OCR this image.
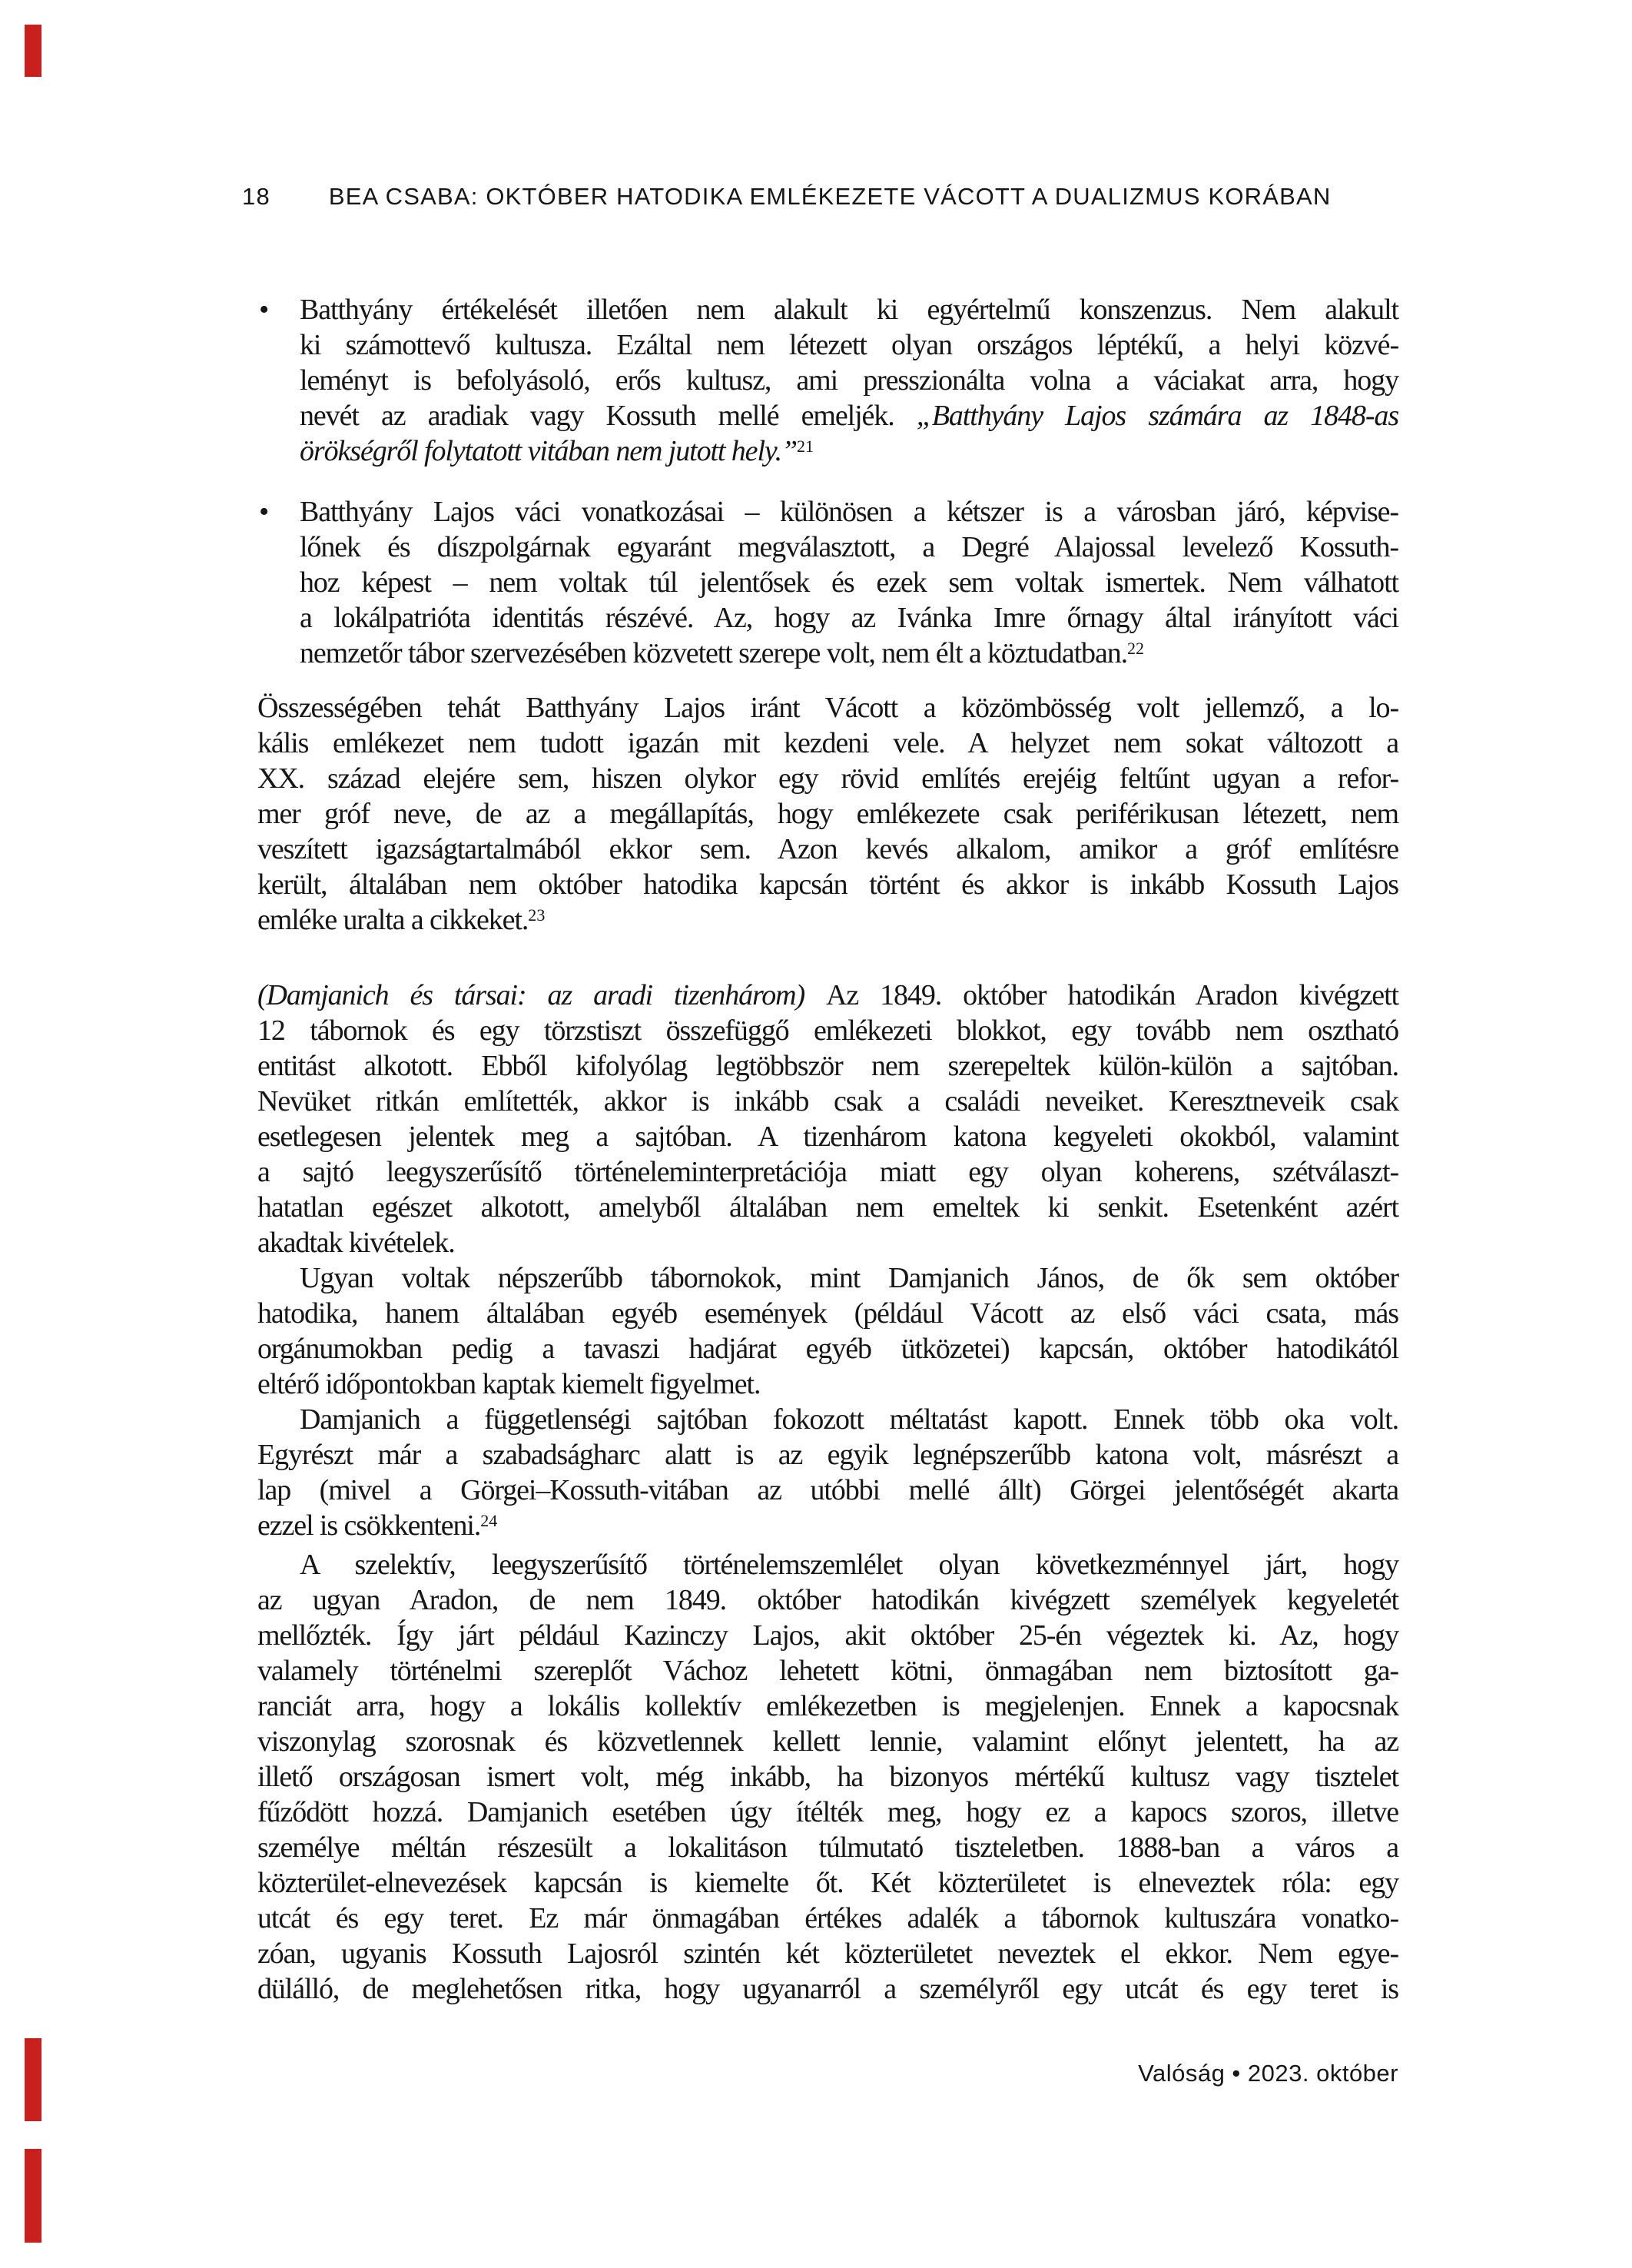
18 BEA CSABA: OKTÓBER HATODIKA EMLÉKEZETE VÁCOTT A DUALIZMUS KORÁBAN
• Batthyány értékelését illetően nem alakult ki egyértelmű konszenzus. Nem alakult
ki számottevő kultusza. Ezáltal nem létezett olyan országos léptékű, a helyi közvé-
leményt is befolyásoló, erős kultusz, ami presszionálta volna a váciakat arra, hogy
nevét az aradiak vagy Kossuth mellé emeljék. „Batthyány Lajos számára az 1848-as
örökségről folytatott vitában nem jutott hely.”$^{21}$
• Batthyány Lajos váci vonatkozásai – különösen a kétszer is a városban járó, képvise-
lőnek és díszpolgárnak egyaránt megválasztott, a Degré Alajossal levelező Kossuth-
hoz képest – nem voltak túl jelentősek és ezek sem voltak ismertek. Nem válhatott
a lokálpatrióta identitás részévé. Az, hogy az Ivánka Imre őrnagy által irányított váci
nemzetőr tábor szervezésében közvetett szerepe volt, nem élt a köztudatban.$^{22}$
Összességében tehát Batthyány Lajos iránt Vácott a közömbösség volt jellemző, a lo-
kális emlékezet nem tudott igazán mit kezdeni vele. A helyzet nem sokat változott a
XX. század elejére sem, hiszen olykor egy rövid említés erejéig feltűnt ugyan a refor-
mer gróf neve, de az a megállapítás, hogy emlékezete csak periférikusan létezett, nem
veszített igazságtartalmából ekkor sem. Azon kevés alkalom, amikor a gróf említésre
került, általában nem október hatodika kapcsán történt és akkor is inkább Kossuth Lajos
emléke uralta a cikkeket.$^{23}$
(Damjanich és társai: az aradi tizenhárom) Az 1849. október hatodikán Aradon kivégzett
12 tábornok és egy törzstiszt összefüggő emlékezeti blokkot, egy tovább nem osztható
entitást alkotott. Ebből kifolyólag legtöbbször nem szerepeltek külön-külön a sajtóban.
Nevüket ritkán említették, akkor is inkább csak a családi neveiket. Keresztneveik csak
esetlegesen jelentek meg a sajtóban. A tizenhárom katona kegyeleti okokból, valamint
a sajtó leegyszerűsítő történeleminterpretációja miatt egy olyan koherens, szétválaszt-
hatatlan egészet alkotott, amelyből általában nem emeltek ki senkit. Esetenként azért
akadtak kivételek.
Ugyan voltak népszerűbb tábornokok, mint Damjanich János, de ők sem október
hatodika, hanem általában egyéb események (például Vácott az első váci csata, más
orgánumokban pedig a tavaszi hadjárat egyéb ütközetei) kapcsán, október hatodikától
eltérő időpontokban kaptak kiemelt figyelmet.
Damjanich a függetlenségi sajtóban fokozott méltatást kapott. Ennek több oka volt.
Egyrészt már a szabadságharc alatt is az egyik legnépszerűbb katona volt, másrészt a
lap (mivel a Görgei–Kossuth-vitában az utóbbi mellé állt) Görgei jelentőségét akarta
ezzel is csökkenteni.$^{24}$
A szelektív, leegyszerűsítő történelemszemlélet olyan következménnyel járt, hogy
az ugyan Aradon, de nem 1849. október hatodikán kivégzett személyek kegyeletét
mellőzték. Így járt például Kazinczy Lajos, akit október 25-én végeztek ki. Az, hogy
valamely történelmi szereplőt Váchoz lehetett kötni, önmagában nem biztosított ga-
ranciát arra, hogy a lokális kollektív emlékezetben is megjelenjen. Ennek a kapocsnak
viszonylag szorosnak és közvetlennek kellett lennie, valamint előnyt jelentett, ha az
illető országosan ismert volt, még inkább, ha bizonyos mértékű kultusz vagy tisztelet
fűződött hozzá. Damjanich esetében úgy ítélték meg, hogy ez a kapocs szoros, illetve
személye méltán részesült a lokalitáson túlmutató tiszteletben. 1888-ban a város a
közterület-elnevezések kapcsán is kiemelte őt. Két közterületet is elneveztek róla: egy
utcát és egy teret. Ez már önmagában értékes adalék a tábornok kultuszára vonatko-
zóan, ugyanis Kossuth Lajosról szintén két közterületet neveztek el ekkor. Nem egye-
dülálló, de meglehetősen ritka, hogy ugyanarról a személyről egy utcát és egy teret is
Valóság • 2023. október
